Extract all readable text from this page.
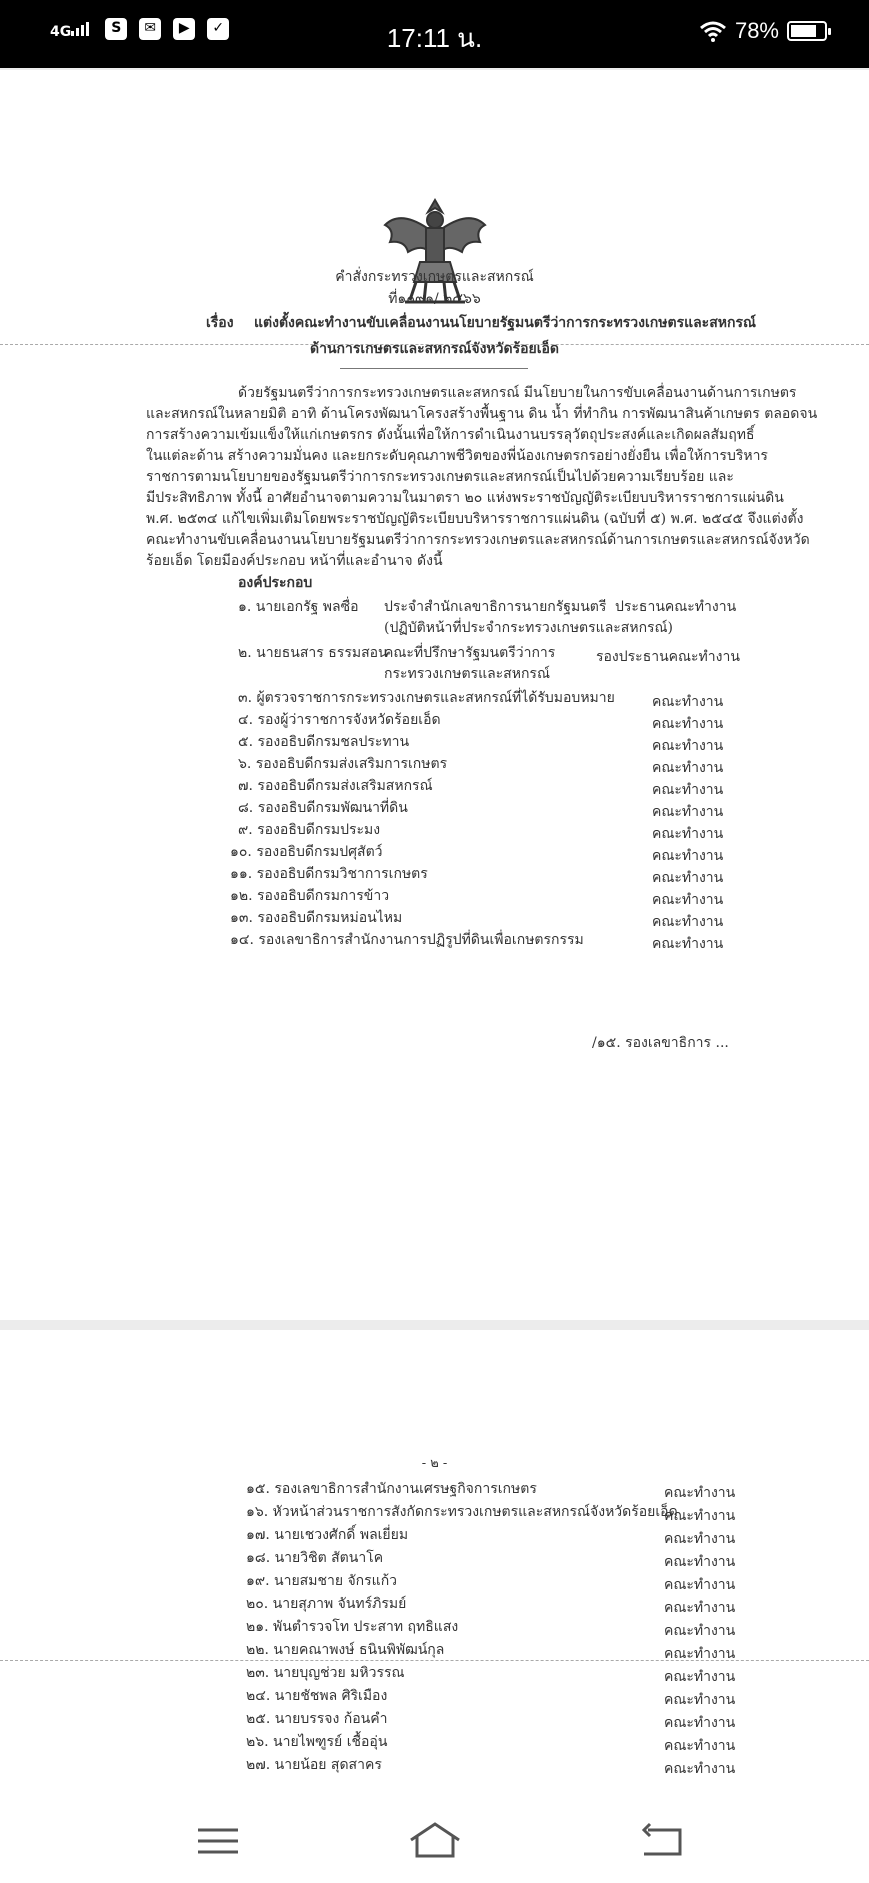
4G	S	✉	▶	✓	17:11 น.	78%
คำสั่งกระทรวงเกษตรและสหกรณ์
ที่๑๐๙๑/ ๒๕๖๖
เรื่อง แต่งตั้งคณะทำงานขับเคลื่อนงานนโยบายรัฐมนตรีว่าการกระทรวงเกษตรและสหกรณ์
ด้านการเกษตรและสหกรณ์จังหวัดร้อยเอ็ด
ด้วยรัฐมนตรีว่าการกระทรวงเกษตรและสหกรณ์ มีนโยบายในการขับเคลื่อนงานด้านการเกษตร
และสหกรณ์ในหลายมิติ อาทิ ด้านโครงพัฒนาโครงสร้างพื้นฐาน ดิน น้ำ ที่ทำกิน การพัฒนาสินค้าเกษตร ตลอดจน
การสร้างความเข้มแข็งให้แก่เกษตรกร ดังนั้นเพื่อให้การดำเนินงานบรรลุวัตถุประสงค์และเกิดผลสัมฤทธิ์
ในแต่ละด้าน สร้างความมั่นคง และยกระดับคุณภาพชีวิตของพี่น้องเกษตรกรอย่างยั่งยืน เพื่อให้การบริหาร
ราชการตามนโยบายของรัฐมนตรีว่าการกระทรวงเกษตรและสหกรณ์เป็นไปด้วยความเรียบร้อย และ
มีประสิทธิภาพ ทั้งนี้ อาศัยอำนาจตามความในมาตรา ๒๐ แห่งพระราชบัญญัติระเบียบบริหารราชการแผ่นดิน
พ.ศ. ๒๕๓๔ แก้ไขเพิ่มเติมโดยพระราชบัญญัติระเบียบบริหารราชการแผ่นดิน (ฉบับที่ ๕) พ.ศ. ๒๕๔๕ จึงแต่งตั้ง
คณะทำงานขับเคลื่อนงานนโยบายรัฐมนตรีว่าการกระทรวงเกษตรและสหกรณ์ด้านการเกษตรและสหกรณ์จังหวัด
ร้อยเอ็ด โดยมีองค์ประกอบ หน้าที่และอำนาจ ดังนี้
องค์ประกอบ
๑. นายเอกรัฐ พลซื่อ ประจำสำนักเลขาธิการนายกรัฐมนตรี
(ปฏิบัติหน้าที่ประจำกระทรวงเกษตรและสหกรณ์)
ประธานคณะทำงาน
๒. นายธนสาร ธรรมสอน
คณะที่ปรึกษารัฐมนตรีว่าการ
กระทรวงเกษตรและสหกรณ์
รองประธานคณะทำงาน
๓. ผู้ตรวจราชการกระทรวงเกษตรและสหกรณ์ที่ได้รับมอบหมาย	คณะทำงาน
๔. รองผู้ว่าราชการจังหวัดร้อยเอ็ด	คณะทำงาน
๕. รองอธิบดีกรมชลประทาน	คณะทำงาน
๖. รองอธิบดีกรมส่งเสริมการเกษตร	คณะทำงาน
๗. รองอธิบดีกรมส่งเสริมสหกรณ์	คณะทำงาน
๘. รองอธิบดีกรมพัฒนาที่ดิน	คณะทำงาน
๙. รองอธิบดีกรมประมง	คณะทำงาน
๑๐. รองอธิบดีกรมปศุสัตว์	คณะทำงาน
๑๑. รองอธิบดีกรมวิชาการเกษตร	คณะทำงาน
๑๒. รองอธิบดีกรมการข้าว	คณะทำงาน
๑๓. รองอธิบดีกรมหม่อนไหม	คณะทำงาน
๑๔. รองเลขาธิการสำนักงานการปฏิรูปที่ดินเพื่อเกษตรกรรม	คณะทำงาน
/๑๕. รองเลขาธิการ ...
- ๒ -
๑๕. รองเลขาธิการสำนักงานเศรษฐกิจการเกษตร	คณะทำงาน
๑๖. หัวหน้าส่วนราชการสังกัดกระทรวงเกษตรและสหกรณ์จังหวัดร้อยเอ็ด
คณะทำงาน
๑๗. นายเชวงศักดิ์ พลเยี่ยม	คณะทำงาน
๑๘. นายวิชิต สัตนาโค	คณะทำงาน
๑๙. นายสมชาย จักรแก้ว	คณะทำงาน
๒๐. นายสุภาพ จันทร์ภิรมย์	คณะทำงาน
๒๑. พันตำรวจโท ประสาท ฤทธิแสง	คณะทำงาน
๒๒. นายคณาพงษ์ ธนินพิพัฒน์กุล	คณะทำงาน
๒๓. นายบุญช่วย มหิวรรณ	คณะทำงาน
๒๔. นายชัชพล ศิริเมือง	คณะทำงาน
๒๕. นายบรรจง ก้อนคำ	คณะทำงาน
๒๖. นายไพฑูรย์ เชื้ออุ่น	คณะทำงาน
๒๗. นายน้อย สุดสาคร	คณะทำงาน
